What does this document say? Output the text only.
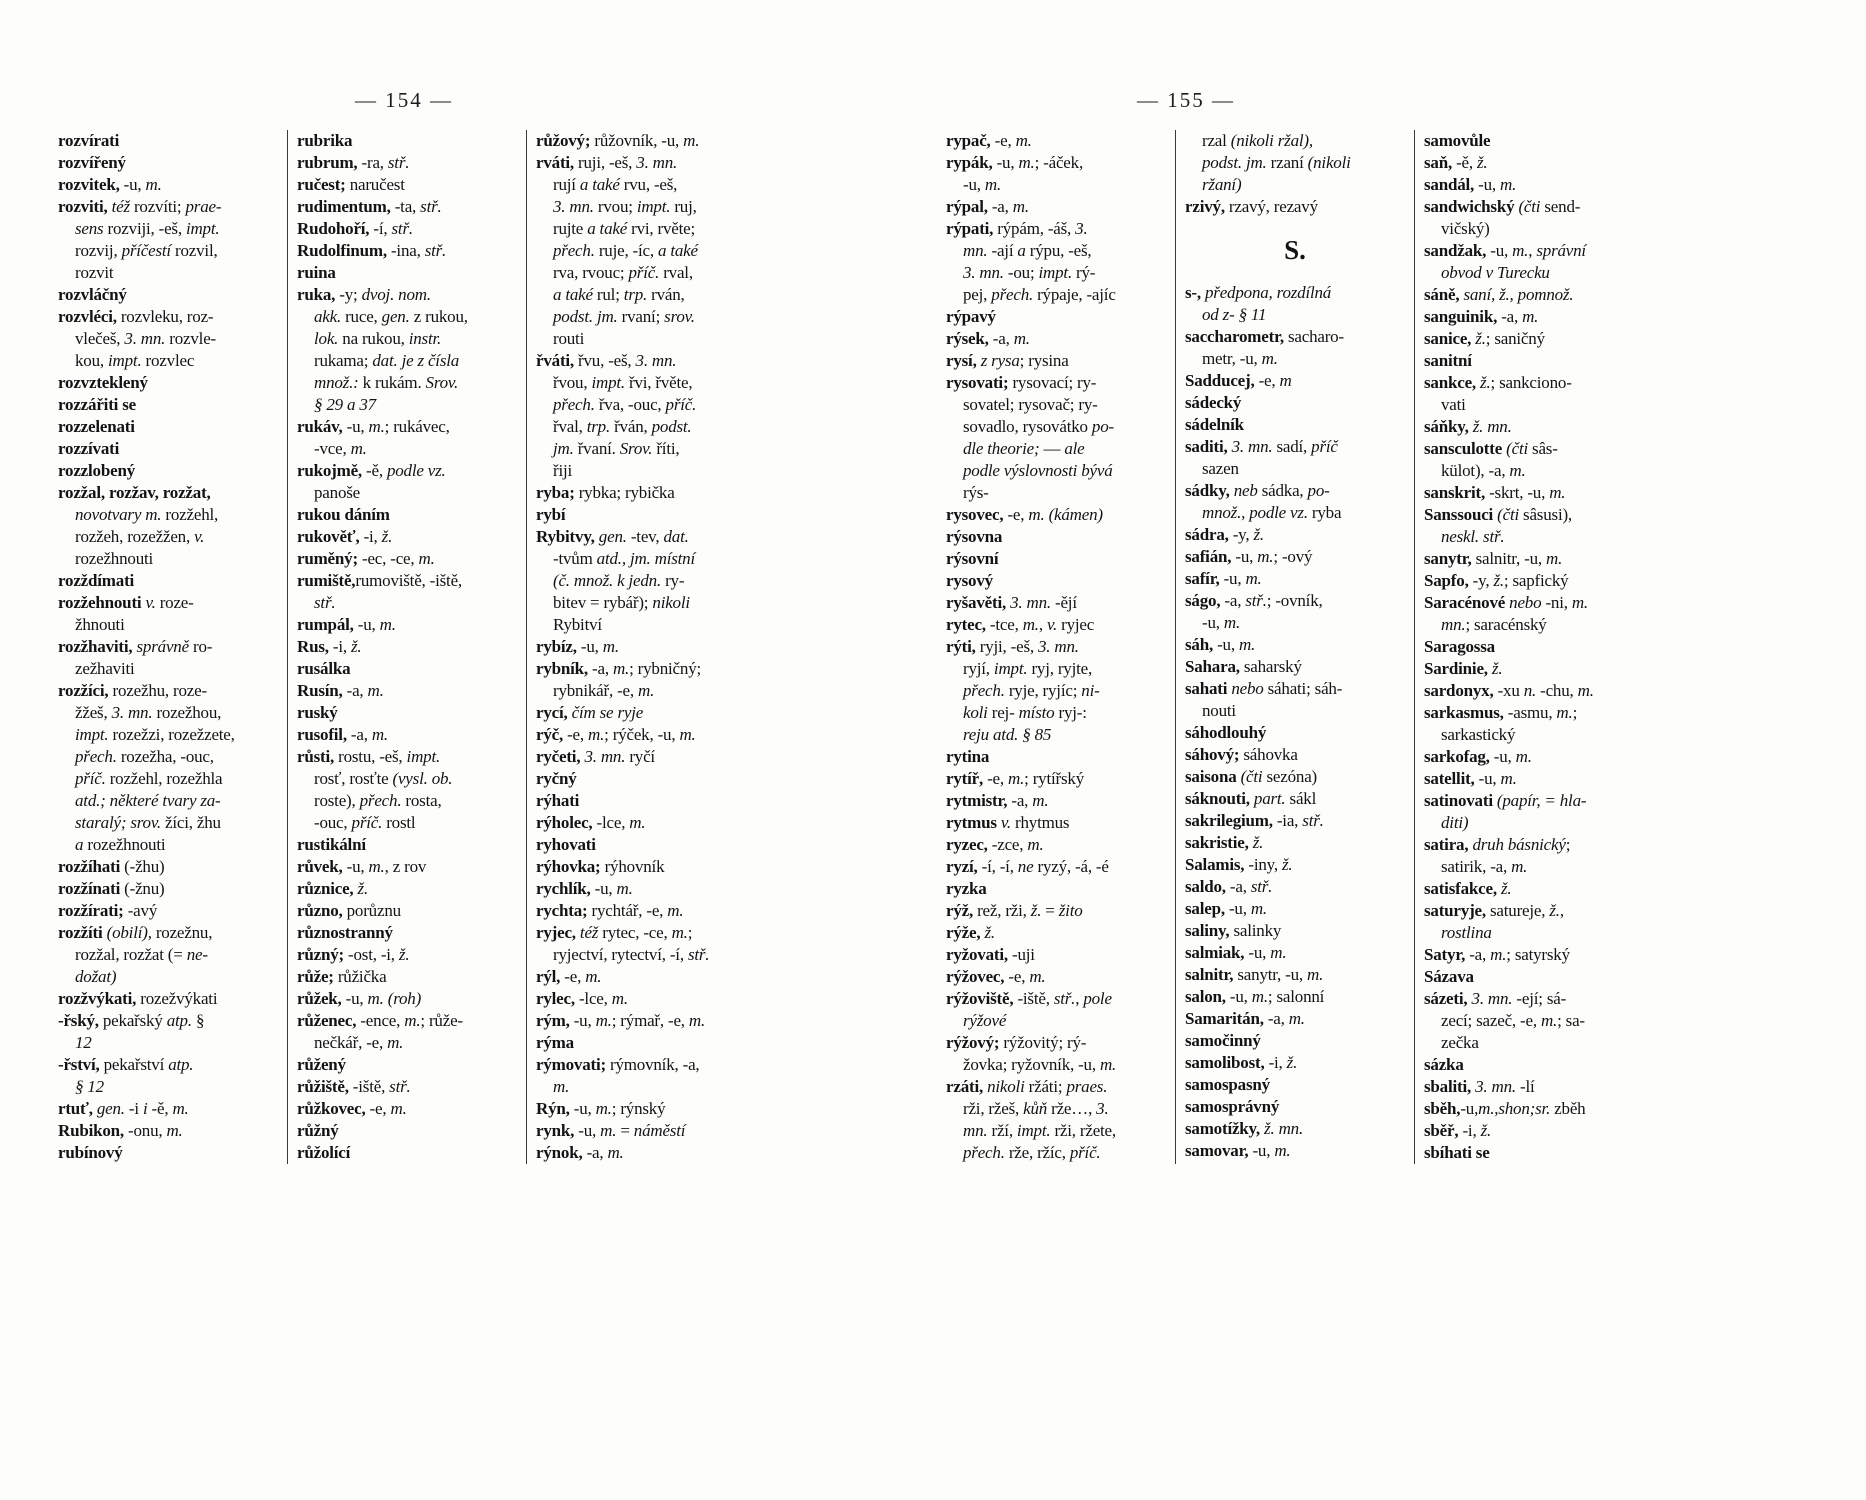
— 154 —
rozvírati
rozvířený
rozvitek, -u, m.
rozviti, též rozvíti; prae-
sens rozviji, -eš, impt.
rozvij, příčestí rozvil,
rozvit
rozvláčný
rozvléci, rozvleku, roz-
vlečeš, 3. mn. rozvle-
kou, impt. rozvlec
rozvzteklený
rozzářiti se
rozzelenati
rozzívati
rozzlobený
rozžal, rozžav, rozžat,
novotvary m. rozžehl,
rozžeh, rozežžen, v.
rozežhnouti
rozždímati
rozžehnouti v. roze-
žhnouti
rozžhaviti, správně ro-
zežhaviti
rozžíci, rozežhu, roze-
žžeš, 3. mn. rozežhou,
impt. rozežzi, rozežzete,
přech. rozežha, -ouc,
příč. rozžehl, rozežhla
atd.; některé tvary za-
staralý; srov. žíci, žhu
a rozežhnouti
rozžíhati (-žhu)
rozžínati (-žnu)
rozžírati; -avý
rozžíti (obilí), rozežnu,
rozžal, rozžat (= ne-
dožat)
rozžvýkati, rozežvýkati
-řský, pekařský atp. §
12
-řství, pekařství atp.
§ 12
rtuť, gen. -i i -ě, m.
Rubikon, -onu, m.
rubínový
rubrika
rubrum, -ra, stř.
ručest; naručest
rudimentum, -ta, stř.
Rudohoří, -í, stř.
Rudolfinum, -ina, stř.
ruina
ruka, -y; dvoj. nom.
akk. ruce, gen. z rukou,
lok. na rukou, instr.
rukama; dat. je z čísla
množ.: k rukám. Srov.
§ 29 a 37
rukáv, -u, m.; rukávec,
-vce, m.
rukojmě, -ě, podle vz.
panoše
rukou dáním
rukověť, -i, ž.
ruměný; -ec, -ce, m.
rumiště,rumoviště, -iště,
stř.
rumpál, -u, m.
Rus, -i, ž.
rusálka
Rusín, -a, m.
ruský
rusofil, -a, m.
růsti, rostu, -eš, impt.
rosť, rosťte (vysl. ob.
roste), přech. rosta,
-ouc, příč. rostl
rustikální
růvek, -u, m., z rov
různice, ž.
různo, porůznu
různostranný
různý; -ost, -i, ž.
růže; růžička
růžek, -u, m. (roh)
růženec, -ence, m.; růže-
nečkář, -e, m.
růžený
růžiště, -iště, stř.
růžkovec, -e, m.
růžný
růžolící
růžový; růžovník, -u, m.
rváti, ruji, -eš, 3. mn.
rují a také rvu, -eš,
3. mn. rvou; impt. ruj,
rujte a také rvi, rvěte;
přech. ruje, -íc, a také
rva, rvouc; příč. rval,
a také rul; trp. rván,
podst. jm. rvaní; srov.
routi
řváti, řvu, -eš, 3. mn.
řvou, impt. řvi, řvěte,
přech. řva, -ouc, příč.
řval, trp. řván, podst.
jm. řvaní. Srov. říti,
řiji
ryba; rybka; rybička
rybí
Rybitvy, gen. -tev, dat.
-tvům atd., jm. místní
(č. množ. k jedn. ry-
bitev = rybář); nikoli
Rybitví
rybíz, -u, m.
rybník, -a, m.; rybničný;
rybnikář, -e, m.
rycí, čím se ryje
rýč, -e, m.; rýček, -u, m.
ryčeti, 3. mn. ryčí
ryčný
rýhati
rýholec, -lce, m.
ryhovati
rýhovka; rýhovník
rychlík, -u, m.
rychta; rychtář, -e, m.
ryjec, též rytec, -ce, m.;
ryjectví, rytectví, -í, stř.
rýl, -e, m.
rylec, -lce, m.
rým, -u, m.; rýmař, -e, m.
rýma
rýmovati; rýmovník, -a,
m.
Rýn, -u, m.; rýnský
rynk, -u, m. = náměstí
rýnok, -a, m.
— 155 —
rypač, -e, m.
rypák, -u, m.; -áček,
-u, m.
rýpal, -a, m.
rýpati, rýpám, -áš, 3.
mn. -ají a rýpu, -eš,
3. mn. -ou; impt. rý-
pej, přech. rýpaje, -ajíc
rýpavý
rýsek, -a, m.
rysí, z rysa; rysina
rysovati; rysovací; ry-
sovatel; rysovač; ry-
sovadlo, rysovátko po-
dle theorie; — ale
podle výslovnosti bývá
rýs-
rysovec, -e, m. (kámen)
rýsovna
rýsovní
rysový
ryšavěti, 3. mn. -ějí
rytec, -tce, m., v. ryjec
rýti, ryji, -eš, 3. mn.
ryjí, impt. ryj, ryjte,
přech. ryje, ryjíc; ni-
koli rej- místo ryj-:
reju atd. § 85
rytina
rytíř, -e, m.; rytířský
rytmistr, -a, m.
rytmus v. rhytmus
ryzec, -zce, m.
ryzí, -í, -í, ne ryzý, -á, -é
ryzka
rýž, rež, rži, ž. = žito
rýže, ž.
ryžovati, -uji
rýžovec, -e, m.
rýžoviště, -iště, stř., pole
rýžové
rýžový; rýžovitý; rý-
žovka; ryžovník, -u, m.
rzáti, nikoli ržáti; praes.
rži, ržeš, kůň rže…, 3.
mn. rží, impt. rži, ržete,
přech. rže, ržíc, příč.
rzal (nikoli ržal),
podst. jm. rzaní (nikoli
ržaní)
rzivý, rzavý, rezavý
S.
s-, předpona, rozdílná
od z- § 11
saccharometr, sacharo-
metr, -u, m.
Sadducej, -e, m
sádecký
sádelník
saditi, 3. mn. sadí, příč
sazen
sádky, neb sádka, po-
množ., podle vz. ryba
sádra, -y, ž.
safián, -u, m.; -ový
safír, -u, m.
ságo, -a, stř.; -ovník,
-u, m.
sáh, -u, m.
Sahara, saharský
sahati nebo sáhati; sáh-
nouti
sáhodlouhý
sáhový; sáhovka
saisona (čti sezóna)
sáknouti, part. sákl
sakrilegium, -ia, stř.
sakristie, ž.
Salamis, -iny, ž.
saldo, -a, stř.
salep, -u, m.
saliny, salinky
salmiak, -u, m.
salnitr, sanytr, -u, m.
salon, -u, m.; salonní
Samaritán, -a, m.
samočinný
samolibost, -i, ž.
samospasný
samosprávný
samotížky, ž. mn.
samovar, -u, m.
samovůle
saň, -ě, ž.
sandál, -u, m.
sandwichský (čti send-
vičský)
sandžak, -u, m., správní
obvod v Turecku
sáně, saní, ž., pomnož.
sanguinik, -a, m.
sanice, ž.; saničný
sanitní
sankce, ž.; sankciono-
vati
sáňky, ž. mn.
sansculotte (čti sâs-
külot), -a, m.
sanskrit, -skrt, -u, m.
Sanssouci (čti sâsusi),
neskl. stř.
sanytr, salnitr, -u, m.
Sapfo, -y, ž.; sapfický
Saracénové nebo -ni, m.
mn.; saracénský
Saragossa
Sardinie, ž.
sardonyx, -xu n. -chu, m.
sarkasmus, -asmu, m.;
sarkastický
sarkofag, -u, m.
satellit, -u, m.
satinovati (papír, = hla-
diti)
satira, druh básnický;
satirik, -a, m.
satisfakce, ž.
saturyje, satureje, ž.,
rostlina
Satyr, -a, m.; satyrský
Sázava
sázeti, 3. mn. -ejí; sá-
zecí; sazeč, -e, m.; sa-
zečka
sázka
sbaliti, 3. mn. -lí
sběh,-u,m.,shon;sr. zběh
sběř, -i, ž.
sbíhati se
